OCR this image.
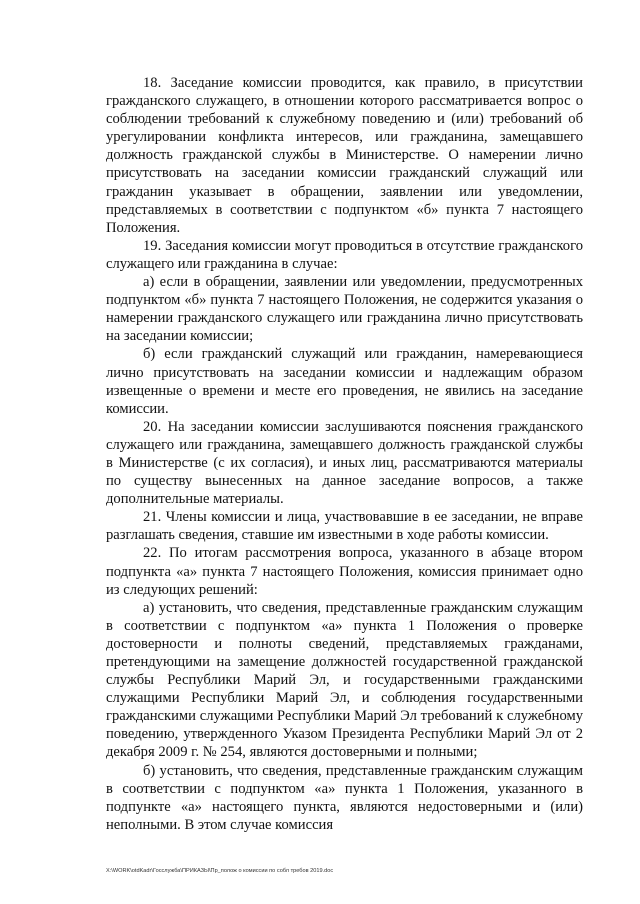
18. Заседание комиссии проводится, как правило, в присутствии гражданского служащего, в отношении которого рассматривается вопрос о соблюдении требований к служебному поведению и (или) требований об урегулировании конфликта интересов, или гражданина, замещавшего должность гражданской службы в Министерстве. О намерении лично присутствовать на заседании комиссии гражданский служащий или гражданин указывает в обращении, заявлении или уведомлении, представляемых в соответствии с подпунктом «б» пункта 7 настоящего Положения.

19. Заседания комиссии могут проводиться в отсутствие гражданского служащего или гражданина в случае:

а) если в обращении, заявлении или уведомлении, предусмотренных подпунктом «б» пункта 7 настоящего Положения, не содержится указания о намерении гражданского служащего или гражданина лично присутствовать на заседании комиссии;

б) если гражданский служащий или гражданин, намеревающиеся лично присутствовать на заседании комиссии и надлежащим образом извещенные о времени и месте его проведения, не явились на заседание комиссии.

20. На заседании комиссии заслушиваются пояснения гражданского служащего или гражданина, замещавшего должность гражданской службы в Министерстве (с их согласия), и иных лиц, рассматриваются материалы по существу вынесенных на данное заседание вопросов, а также дополнительные материалы.

21. Члены комиссии и лица, участвовавшие в ее заседании, не вправе разглашать сведения, ставшие им известными в ходе работы комиссии.

22. По итогам рассмотрения вопроса, указанного в абзаце втором подпункта «а» пункта 7 настоящего Положения, комиссия принимает одно из следующих решений:

а) установить, что сведения, представленные гражданским служащим в соответствии с подпунктом «а» пункта 1 Положения о проверке достоверности и полноты сведений, представляемых гражданами, претендующими на замещение должностей государственной гражданской службы Республики Марий Эл, и государственными гражданскими служащими Республики Марий Эл, и соблюдения государственными гражданскими служащими Республики Марий Эл требований к служебному поведению, утвержденного Указом Президента Республики Марий Эл от 2 декабря 2009 г. № 254, являются достоверными и полными;

б) установить, что сведения, представленные гражданским служащим в соответствии с подпунктом «а» пункта 1 Положения, указанного в подпункте «а» настоящего пункта, являются недостоверными и (или) неполными. В этом случае комиссия

X:\WORK\otdKadr\Госслужба\ПРИКАЗЫ\Пр_полож о комиссии по собл требов 2019.doc
